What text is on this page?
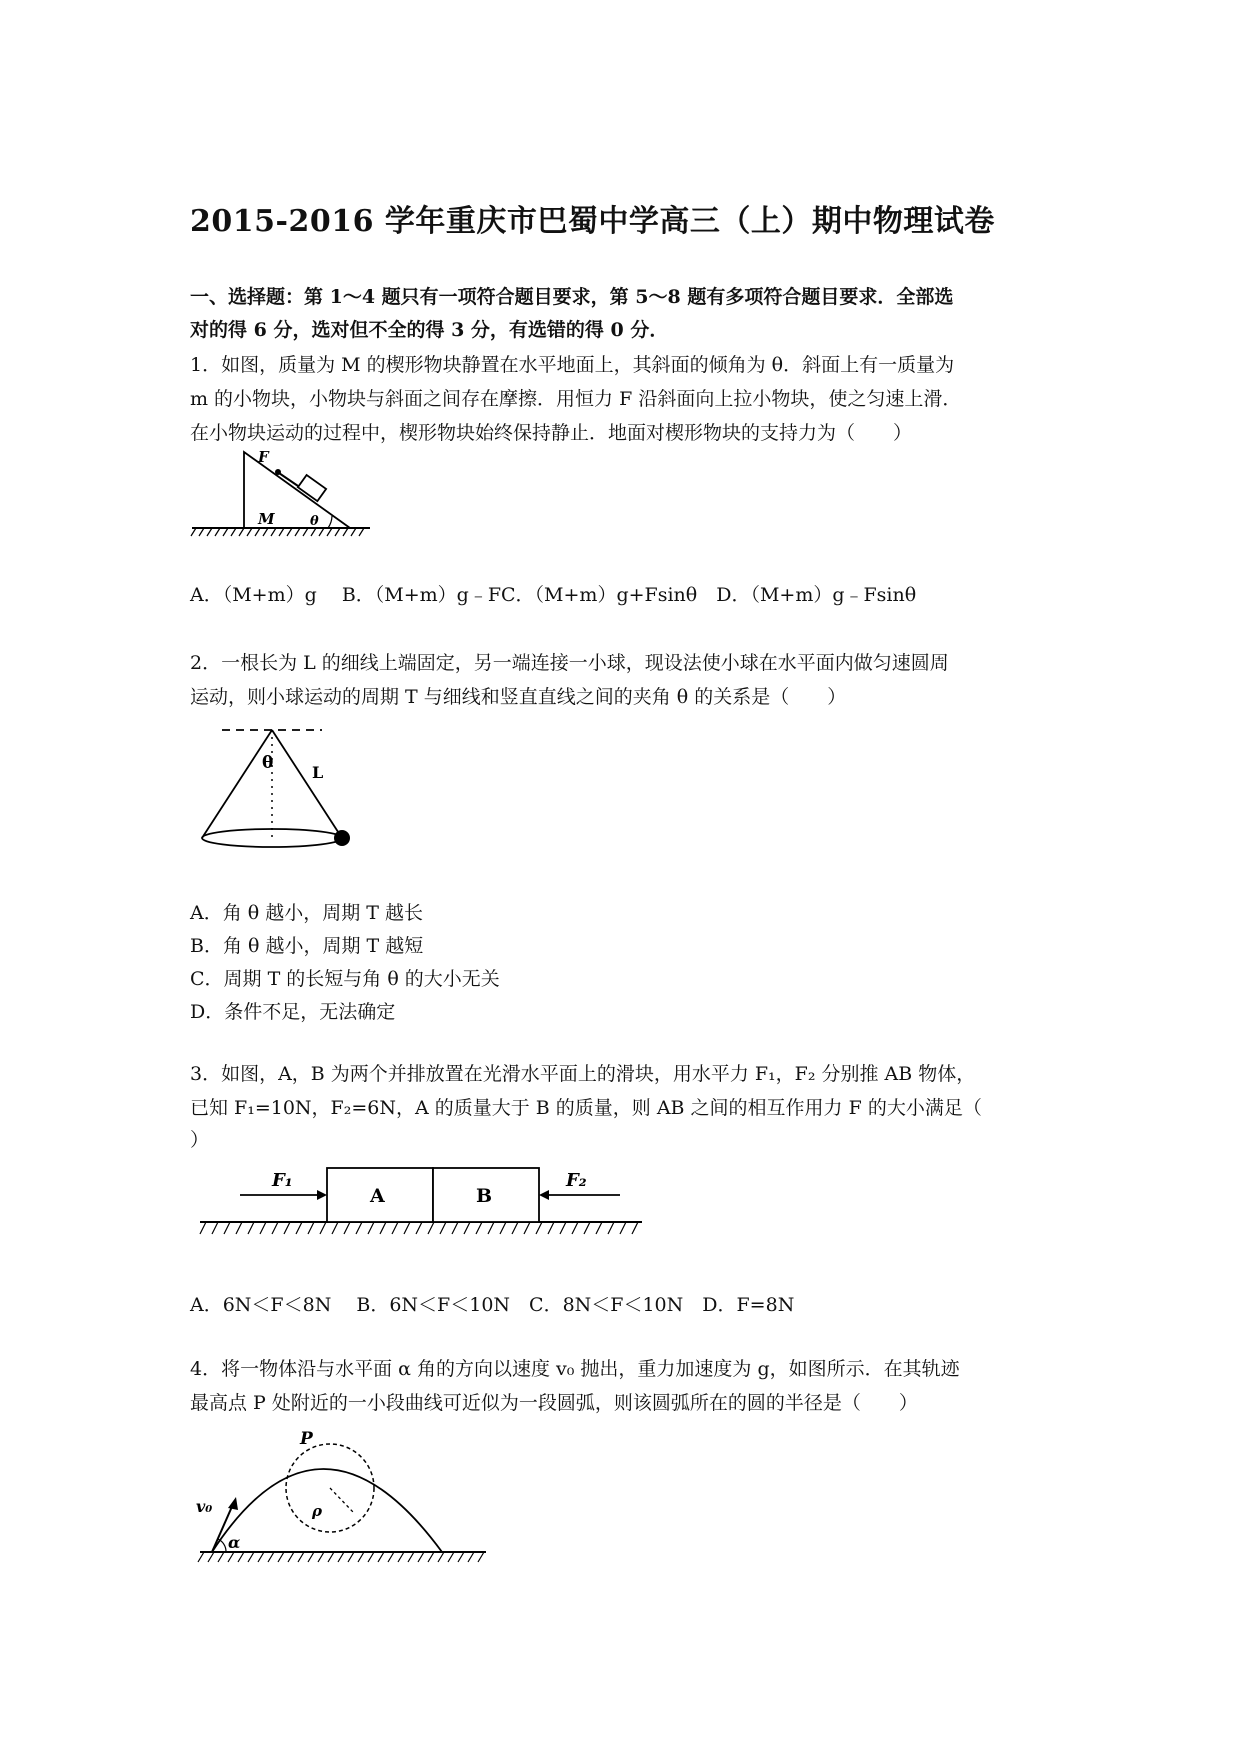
2015-2016 学年重庆市巴蜀中学高三（上）期中物理试卷
一、选择题：第 1～4 题只有一项符合题目要求，第 5～8 题有多项符合题目要求．全部选
对的得 6 分，选对但不全的得 3 分，有选错的得 0 分．
1．如图，质量为 M 的楔形物块静置在水平地面上，其斜面的倾角为 θ．斜面上有一质量为
m 的小物块，小物块与斜面之间存在摩擦．用恒力 F 沿斜面向上拉小物块，使之匀速上滑．
在小物块运动的过程中，楔形物块始终保持静止．地面对楔形物块的支持力为（　　）
F
M	θ
A．（M+m）g　 B．（M+m）g﹣FC．（M+m）g+Fsinθ　D．（M+m）g﹣Fsinθ
2．一根长为 L 的细线上端固定，另一端连接一小球，现设法使小球在水平面内做匀速圆周
运动，则小球运动的周期 T 与细线和竖直直线之间的夹角 θ 的关系是（　　）
θ L
A．角 θ 越小，周期 T 越长
B．角 θ 越小，周期 T 越短
C．周期 T 的长短与角 θ 的大小无关
D．条件不足，无法确定
3．如图，A，B 为两个并排放置在光滑水平面上的滑块，用水平力 F₁，F₂ 分别推 AB 物体，
已知 F₁=10N，F₂=6N，A 的质量大于 B 的质量，则 AB 之间的相互作用力 F 的大小满足（
）
A	B
F₁	F₂
A．6N＜F＜8N　 B．6N＜F＜10N　C．8N＜F＜10N　D．F=8N
4．将一物体沿与水平面 α 角的方向以速度 v₀ 抛出，重力加速度为 g，如图所示．在其轨迹
最高点 P 处附近的一小段曲线可近似为一段圆弧，则该圆弧所在的圆的半径是（　　）
P
v₀
α
ρ
